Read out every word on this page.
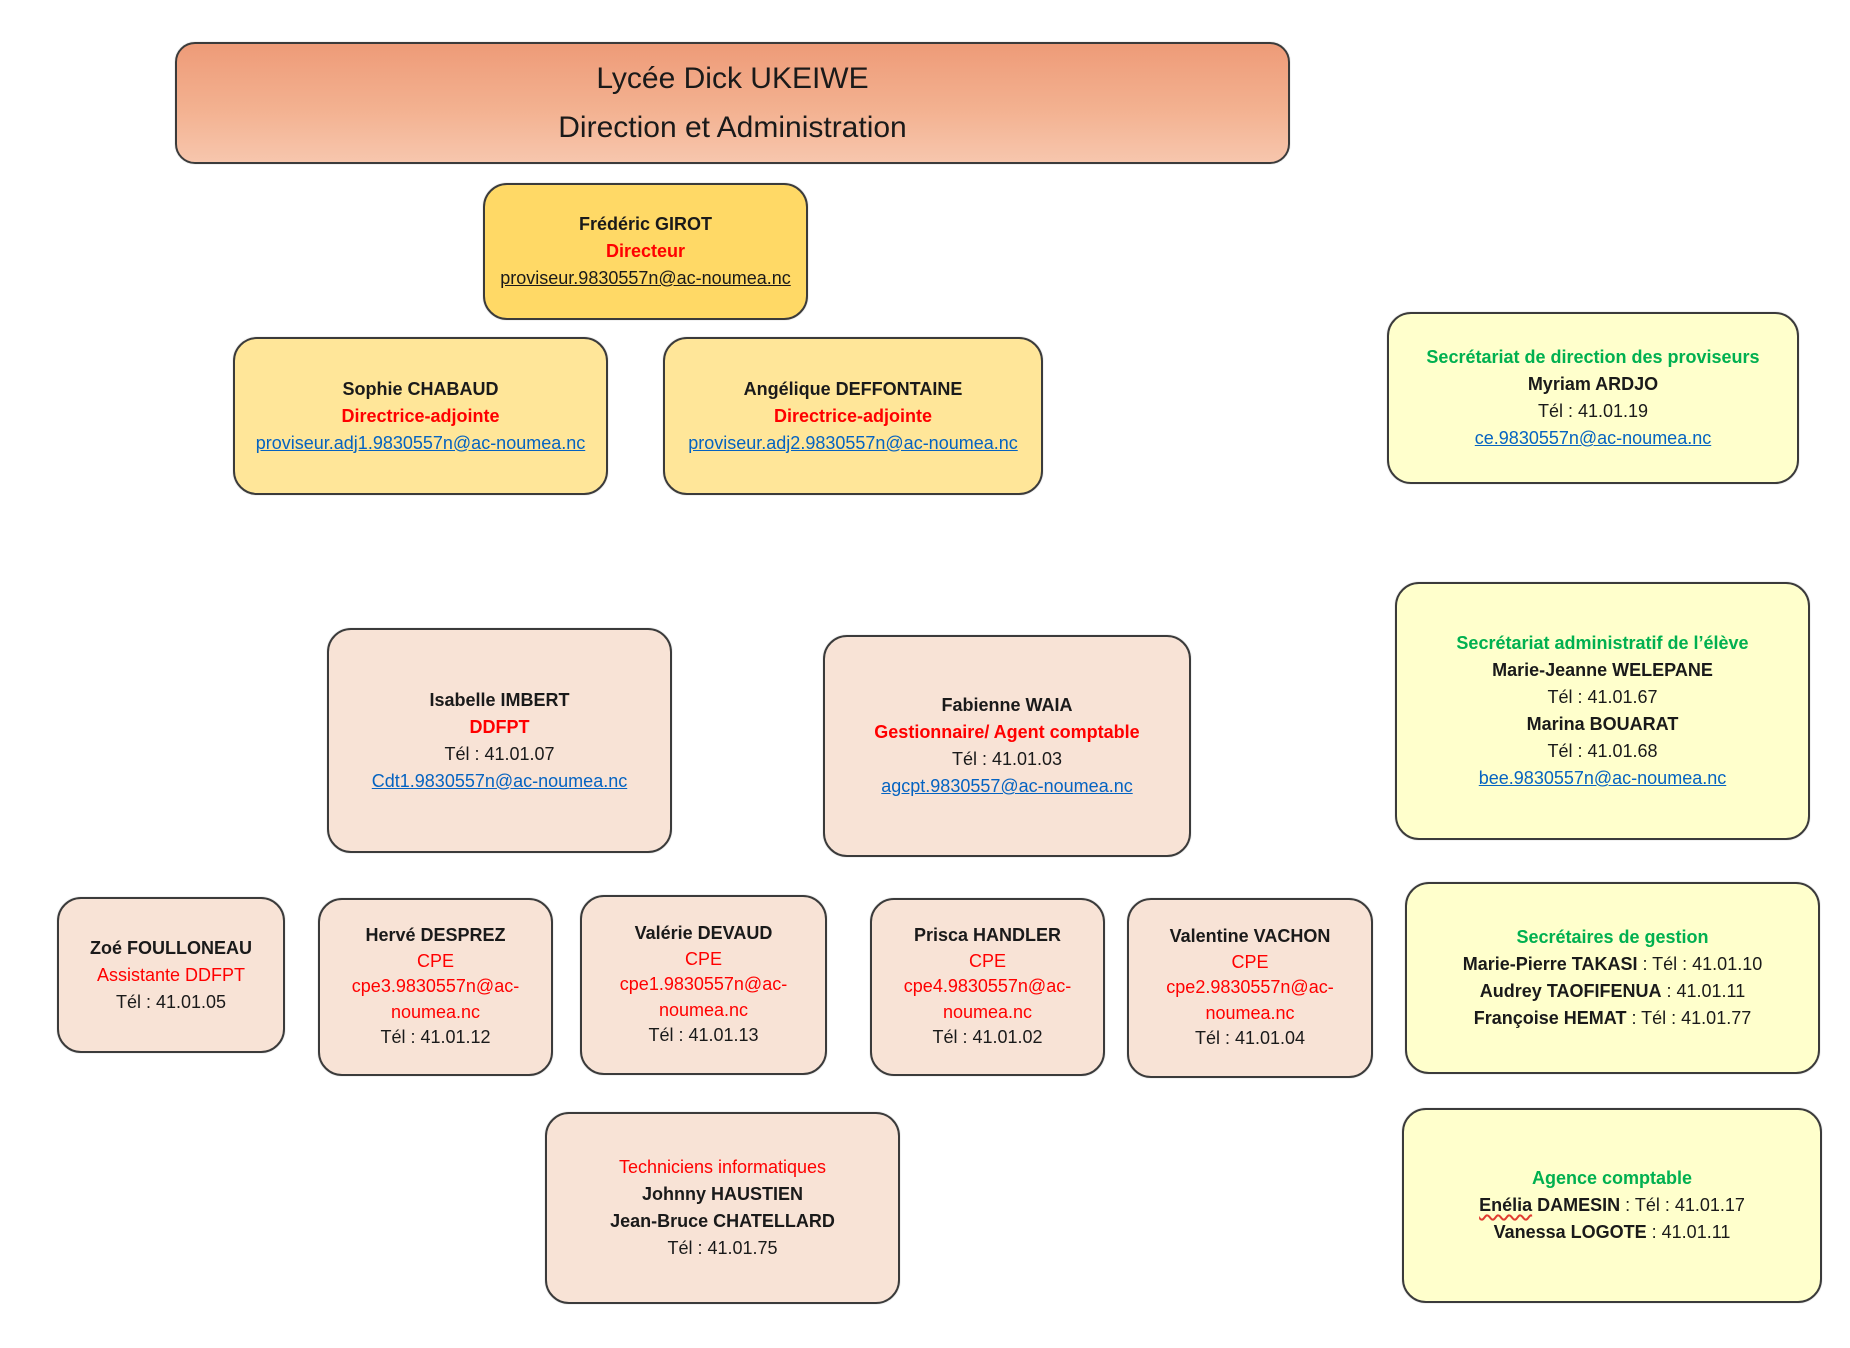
Lycée Dick UKEIWE
Direction et Administration
Frédéric GIROT
Directeur
proviseur.9830557n@ac-noumea.nc
Sophie CHABAUD
Directrice-adjointe
proviseur.adj1.9830557n@ac-noumea.nc
Angélique DEFFONTAINE
Directrice-adjointe
proviseur.adj2.9830557n@ac-noumea.nc
Secrétariat de direction des proviseurs
Myriam ARDJO
Tél : 41.01.19
ce.9830557n@ac-noumea.nc
Secrétariat administratif de l’élève
Marie-Jeanne WELEPANE
Tél : 41.01.67
Marina BOUARAT
Tél : 41.01.68
bee.9830557n@ac-noumea.nc
Isabelle IMBERT
DDFPT
Tél : 41.01.07
Cdt1.9830557n@ac-noumea.nc
Fabienne WAIA
Gestionnaire/ Agent comptable
Tél : 41.01.03
agcpt.9830557@ac-noumea.nc
Zoé FOULLONEAU
Assistante DDFPT
Tél : 41.01.05
Hervé DESPREZ
CPE
cpe3.9830557n@ac-noumea.nc
Tél : 41.01.12
Valérie DEVAUD
CPE
cpe1.9830557n@ac-noumea.nc
Tél : 41.01.13
Prisca HANDLER
CPE
cpe4.9830557n@ac-noumea.nc
Tél : 41.01.02
Valentine VACHON
CPE
cpe2.9830557n@ac-noumea.nc
Tél : 41.01.04
Secrétaires de gestion
Marie-Pierre TAKASI : Tél : 41.01.10
Audrey TAOFIFENUA : 41.01.11
Françoise HEMAT : Tél : 41.01.77
Techniciens informatiques
Johnny HAUSTIEN
Jean-Bruce CHATELLARD
Tél : 41.01.75
Agence comptable
Enélia DAMESIN : Tél : 41.01.17
Vanessa LOGOTE : 41.01.11
